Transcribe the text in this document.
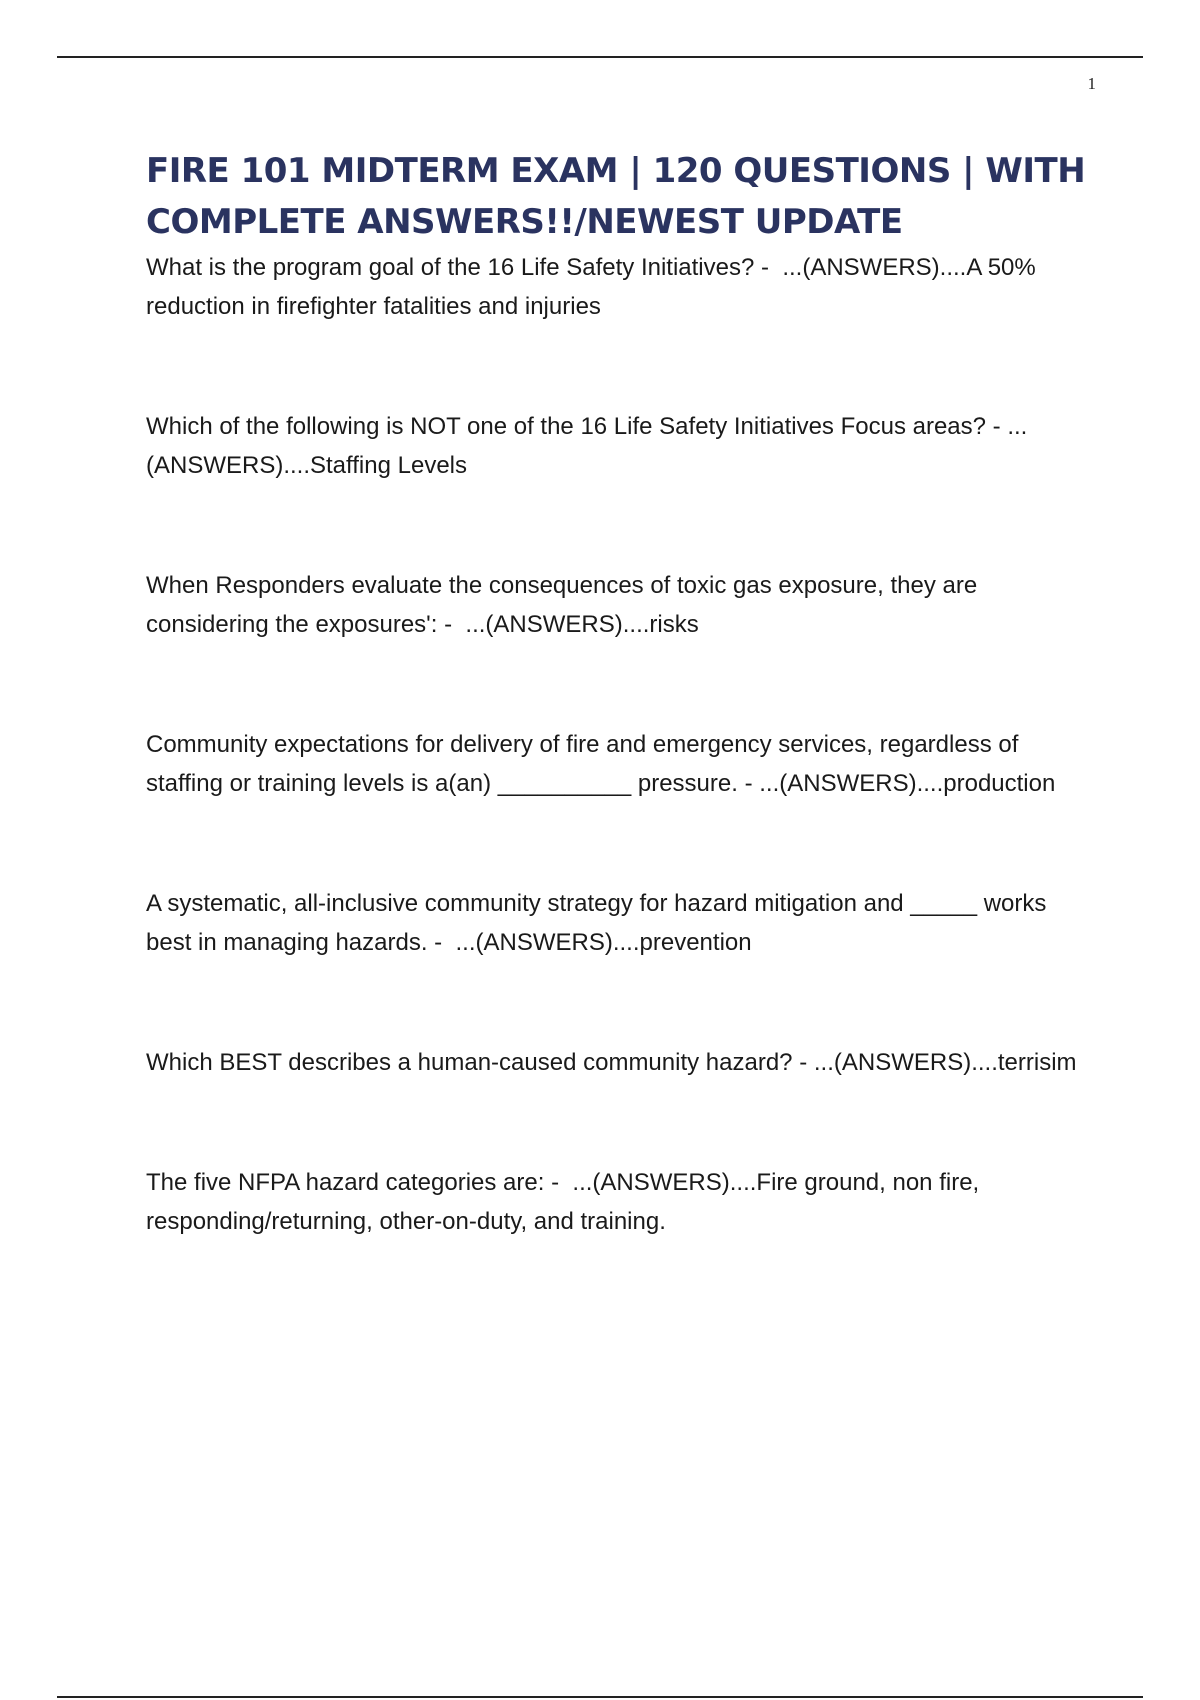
1
FIRE 101 MIDTERM EXAM | 120 QUESTIONS | WITH COMPLETE ANSWERS!!/NEWEST UPDATE
What is the program goal of the 16 Life Safety Initiatives? -  ...(ANSWERS)....A 50% reduction in firefighter fatalities and injuries
Which of the following is NOT one of the 16 Life Safety Initiatives Focus areas? - ...(ANSWERS)....Staffing Levels
When Responders evaluate the consequences of toxic gas exposure, they are considering the exposures': -  ...(ANSWERS)....risks
Community expectations for delivery of fire and emergency services, regardless of staffing or training levels is a(an) __________ pressure. - ...(ANSWERS)....production
A systematic, all-inclusive community strategy for hazard mitigation and _____ works best in managing hazards. -  ...(ANSWERS)....prevention
Which BEST describes a human-caused community hazard? - ...(ANSWERS)....terrisim
The five NFPA hazard categories are: -  ...(ANSWERS)....Fire ground, non fire, responding/returning, other-on-duty, and training.
